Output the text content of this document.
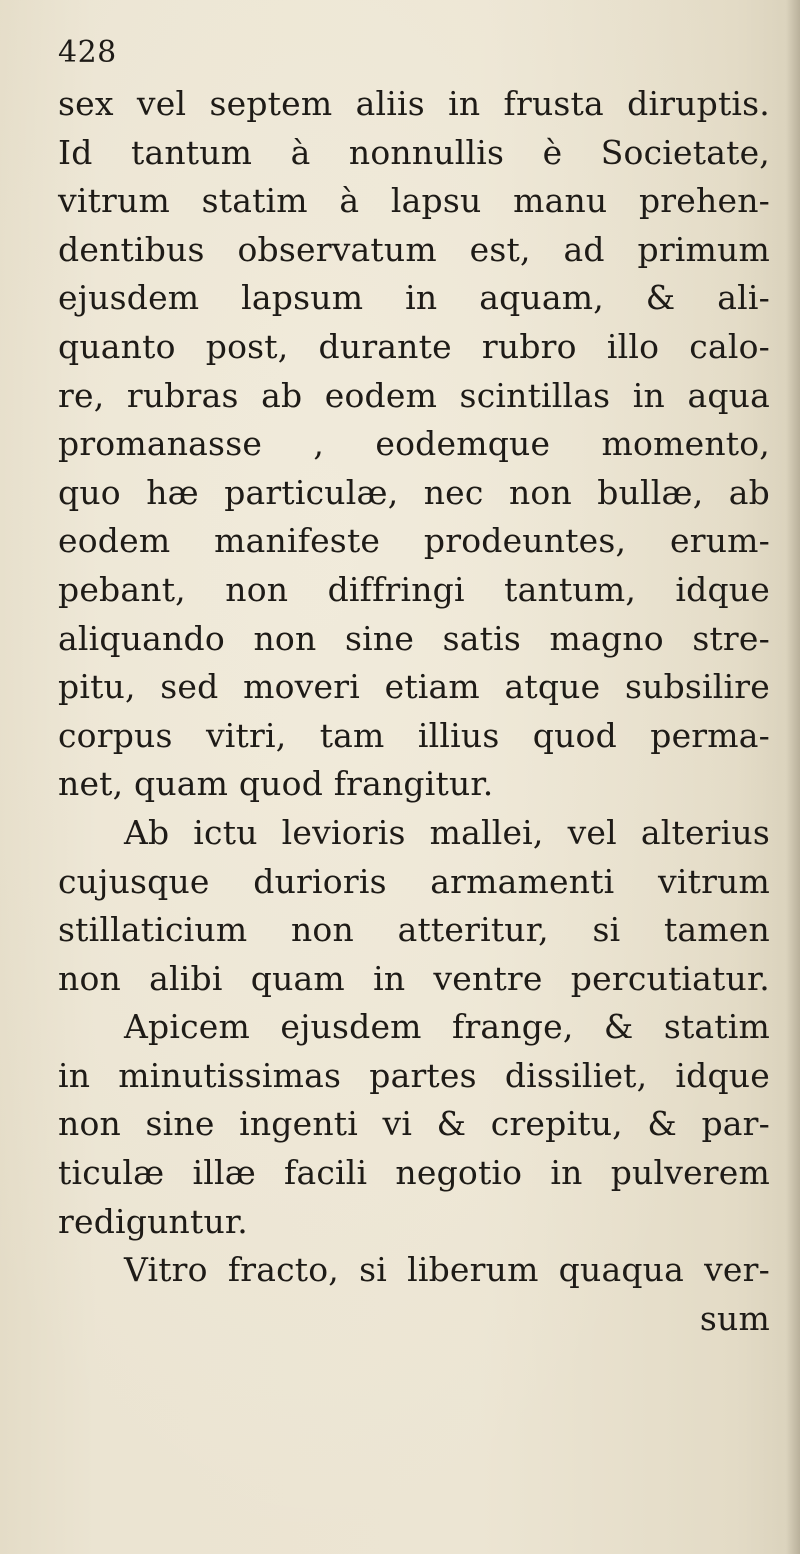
428
sex vel septem aliis in frusta diruptis.
Id tantum à nonnullis è Societate,
vitrum statim à lapsu manu prehen-
dentibus observatum est, ad primum
ejusdem lapsum in aquam, & ali-
quanto post, durante rubro illo calo-
re, rubras ab eodem scintillas in aqua
promanasse , eodemque momento,
quo hæ particulæ, nec non bullæ, ab
eodem manifeste prodeuntes, erum-
pebant, non diffringi tantum, idque
aliquando non sine satis magno stre-
pitu, sed moveri etiam atque subsilire
corpus vitri, tam illius quod perma-
net, quam quod frangitur.
Ab ictu levioris mallei, vel alterius
cujusque durioris armamenti vitrum
stillaticium non atteritur, si tamen
non alibi quam in ventre percutiatur.
Apicem ejusdem frange, & statim
in minutissimas partes dissiliet, idque
non sine ingenti vi & crepitu, & par-
ticulæ illæ facili negotio in pulverem
rediguntur.
Vitro fracto, si liberum quaqua ver-
sum
